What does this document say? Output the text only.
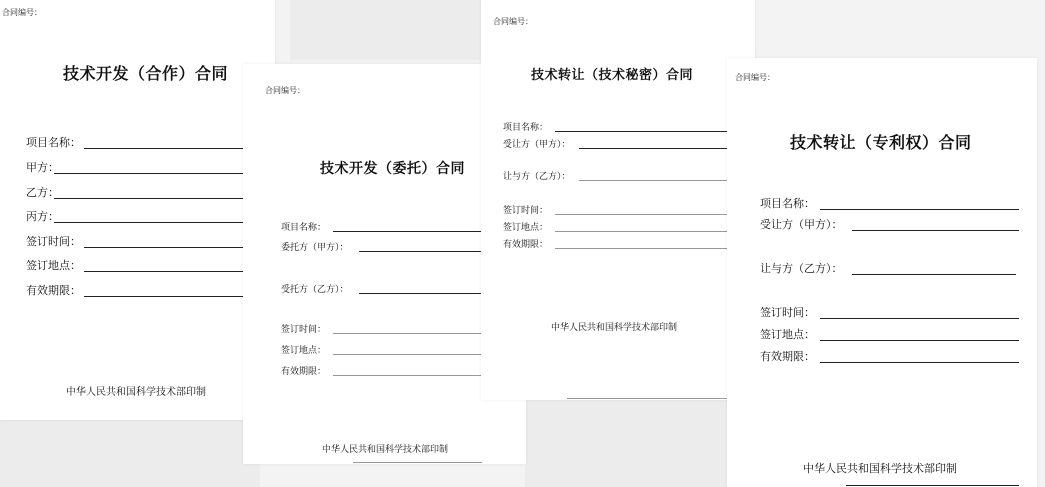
合同编号：
技术开发（合作）合同
项目名称：
甲方：
乙方：
丙方：
签订时间：
签订地点：
有效期限：
中华人民共和国科学技术部印制
合同编号：
技术开发（委托）合同
项目名称：
委托方（甲方）：
受托方（乙方）：
签订时间：
签订地点：
有效期限：
中华人民共和国科学技术部印制
合同编号：
技术转让（技术秘密）合同
项目名称：
受让方（甲方）：
让与方（乙方）：
签订时间：
签订地点：
有效期限：
中华人民共和国科学技术部印制
合同编号：
技术转让（专利权）合同
项目名称：
受让方（甲方）：
让与方（乙方）：
签订时间：
签订地点：
有效期限：
中华人民共和国科学技术部印制
